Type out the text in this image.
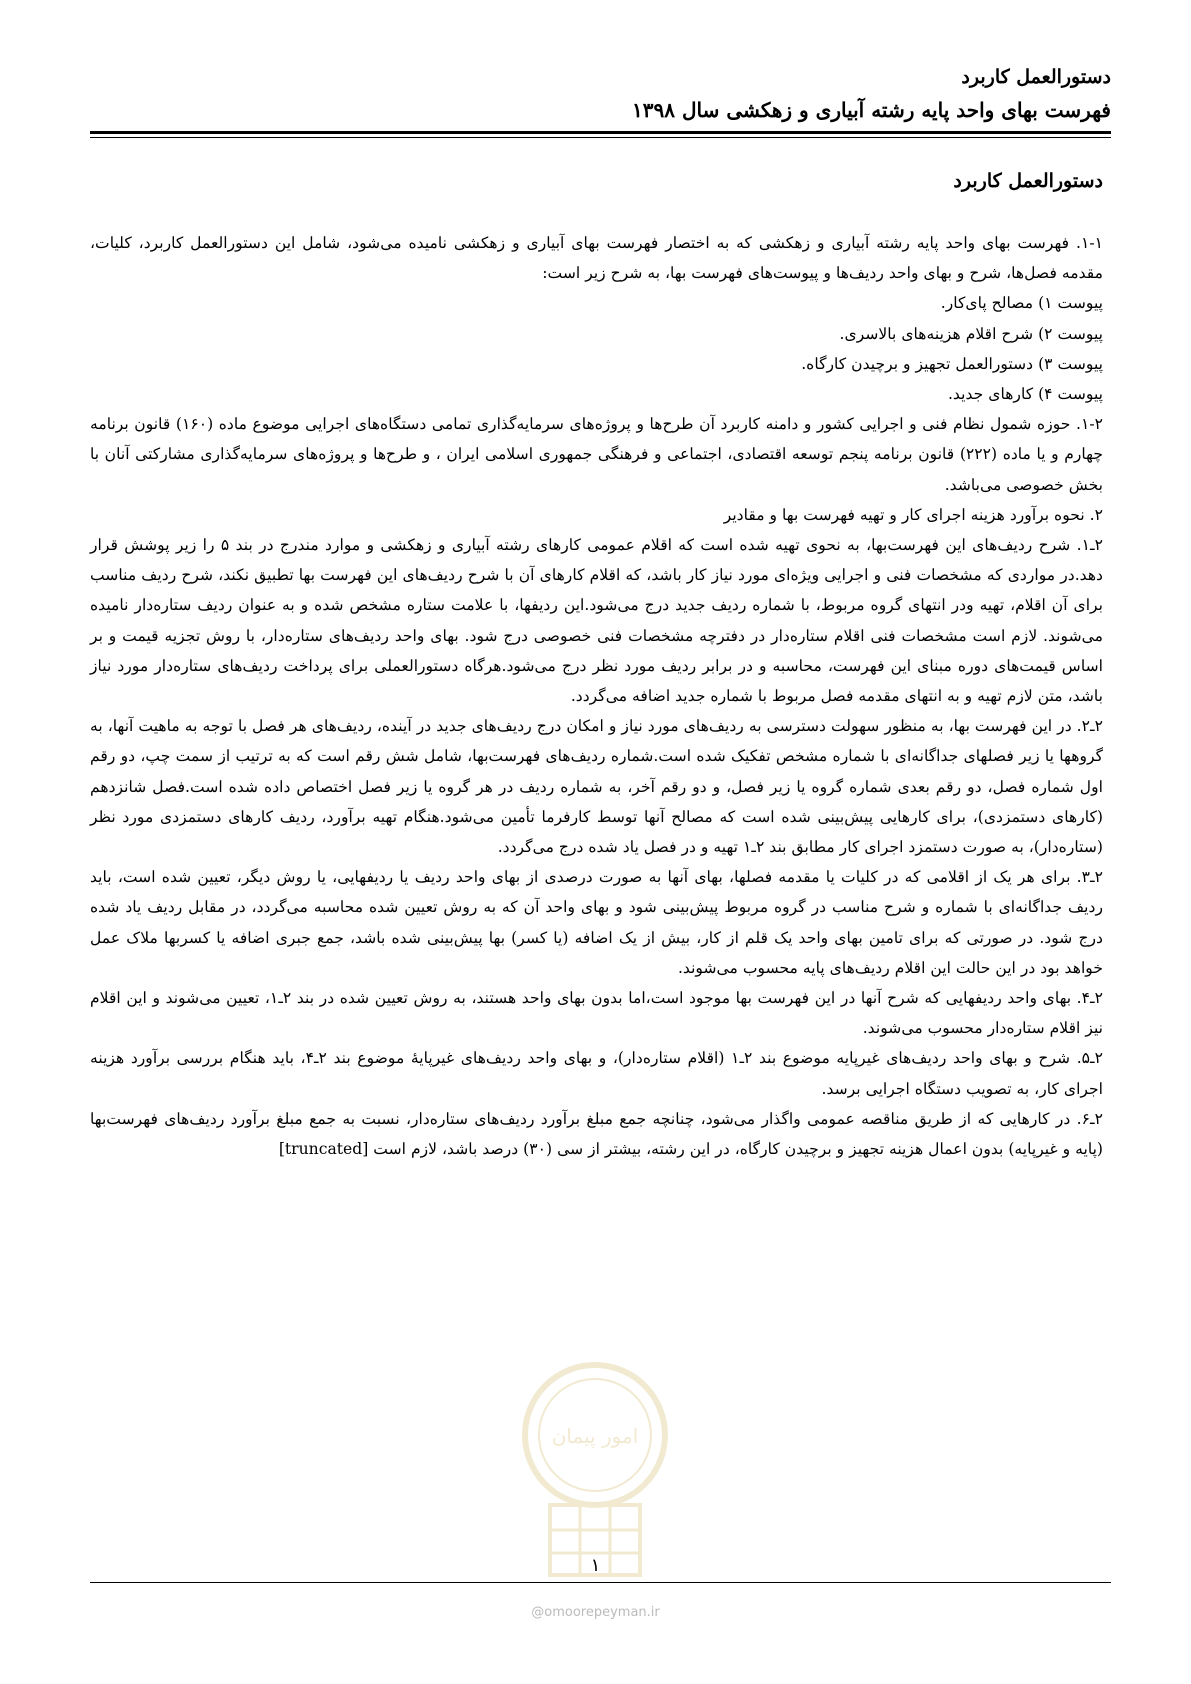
دستورالعمل کاربرد
فهرست بهای واحد پایه رشته آبیاری و زهکشی سال ۱۳۹۸
دستورالعمل کاربرد

۱-۱. فهرست بهای واحد پایه رشته آبیاری و زهکشی که به اختصار فهرست بهای آبیاری و زهکشی نامیده می‌شود، شامل این دستورالعمل کاربرد، کلیات، مقدمه فصل‌ها، شرح و بهای واحد ردیف‌ها و پیوست‌های فهرست بها، به شرح زیر است:

پیوست ۱) مصالح پای‌کار.

پیوست ۲) شرح اقلام هزینه‌های بالاسری.

پیوست ۳) دستورالعمل تجهیز و برچیدن کارگاه.

پیوست ۴) کارهای جدید.

۱-۲. حوزه شمول نظام فنی و اجرایی کشور و دامنه کاربرد آن طرح‌ها و پروژه‌های سرمایه‌گذاری تمامی دستگاه‌های اجرایی موضوع ماده (۱۶۰) قانون برنامه چهارم و یا ماده (۲۲۲) قانون برنامه پنجم توسعه اقتصادی، اجتماعی و فرهنگی جمهوری اسلامی ایران ، و طرح‌ها و پروژه‌های سرمایه‌گذاری مشارکتی آنان با بخش خصوصی می‌باشد.

۲. نحوه برآورد هزینه اجرای کار و تهیه فهرست بها و مقادیر

۲ـ۱. شرح ردیف‌های این فهرست‌بها، به نحوی تهیه شده است که اقلام عمومی کارهای رشته آبیاری و زهکشی و موارد مندرج در بند ۵ را زیر پوشش قرار دهد.در مواردی که مشخصات فنی و اجرایی ویژه‌ای مورد نیاز کار باشد، که اقلام کارهای آن با شرح ردیف‌های این فهرست بها تطبیق نکند، شرح ردیف مناسب برای آن اقلام، تهیه ودر انتهای گروه مربوط، با شماره ردیف جدید درج می‌شود.این ردیفها، با علامت ستاره مشخص شده و به عنوان ردیف ستاره‌دار نامیده می‌شوند. لازم است مشخصات فنی اقلام ستاره‌دار در دفترچه مشخصات فنی خصوصی درج شود. بهای واحد ردیف‌های ستاره‌دار، با روش تجزیه قیمت و بر اساس قیمت‌های دوره مبنای این فهرست، محاسبه و در برابر ردیف مورد نظر درج می‌شود.هرگاه دستورالعملی برای پرداخت ردیف‌های ستاره‌دار مورد نیاز باشد، متن لازم تهیه و به انتهای مقدمه فصل مربوط با شماره جدید اضافه می‌گردد.

۲ـ۲. در این فهرست بها، به منظور سهولت دسترسی به ردیف‌های مورد نیاز و امکان درج ردیف‌های جدید در آینده، ردیف‌های هر فصل با توجه به ماهیت آنها، به گروهها یا زیر فصلهای جداگانه‌ای با شماره مشخص تفکیک شده است.شماره ردیف‌های فهرست‌بها، شامل شش رقم است که به ترتیب از سمت چپ، دو رقم اول شماره فصل، دو رقم بعدی شماره گروه یا زیر فصل، و دو رقم آخر، به شماره ردیف در هر گروه یا زیر فصل اختصاص داده شده است.فصل شانزدهم (کارهای دستمزدی)، برای کارهایی پیش‌بینی شده است که مصالح آنها توسط کارفرما تأمین می‌شود.هنگام تهیه برآورد، ردیف کارهای دستمزدی مورد نظر (ستاره‌دار)، به صورت دستمزد اجرای کار مطابق بند ۲ـ۱ تهیه و در فصل یاد شده درج می‌گردد.

۲ـ۳. برای هر یک از اقلامی که در کلیات یا مقدمه فصلها، بهای آنها به صورت درصدی از بهای واحد ردیف یا ردیفهایی، یا روش دیگر، تعیین شده است، باید ردیف جداگانه‌ای با شماره و شرح مناسب در گروه مربوط پیش‌بینی شود و بهای واحد آن که به روش تعیین شده محاسبه می‌گردد، در مقابل ردیف یاد شده درج شود. در صورتی که برای تامین بهای واحد یک قلم از کار، بیش از یک اضافه (یا کسر) بها پیش‌بینی شده باشد، جمع جبری اضافه یا کسربها ملاک عمل خواهد بود در این حالت این اقلام ردیف‌های پایه محسوب می‌شوند.

۲ـ۴. بهای واحد ردیفهایی که شرح آنها در این فهرست بها موجود است،اما بدون بهای واحد هستند، به روش تعیین شده در بند ۲ـ۱، تعیین می‌شوند و این اقلام نیز اقلام ستاره‌دار محسوب می‌شوند.

۲ـ۵. شرح و بهای واحد ردیف‌های غیرپایه موضوع بند ۲ـ۱ (اقلام ستاره‌دار)، و بهای واحد ردیف‌های غیرپایهٔ موضوع بند ۲ـ۴، باید هنگام بررسی برآورد هزینه اجرای کار، به تصویب دستگاه اجرایی برسد.

۲ـ۶. در کارهایی که از طریق مناقصه عمومی واگذار می‌شود، چنانچه جمع مبلغ برآورد ردیف‌های ستاره‌دار، نسبت به جمع مبلغ برآورد ردیف‌های فهرست‌بها (پایه و غیرپایه) بدون اعمال هزینه تجهیز و برچیدن کارگاه، در این رشته، بیشتر از سی (۳۰) درصد باشد، لازم است [truncated]

امور پیمان
۱
@omoorepeyman.ir
